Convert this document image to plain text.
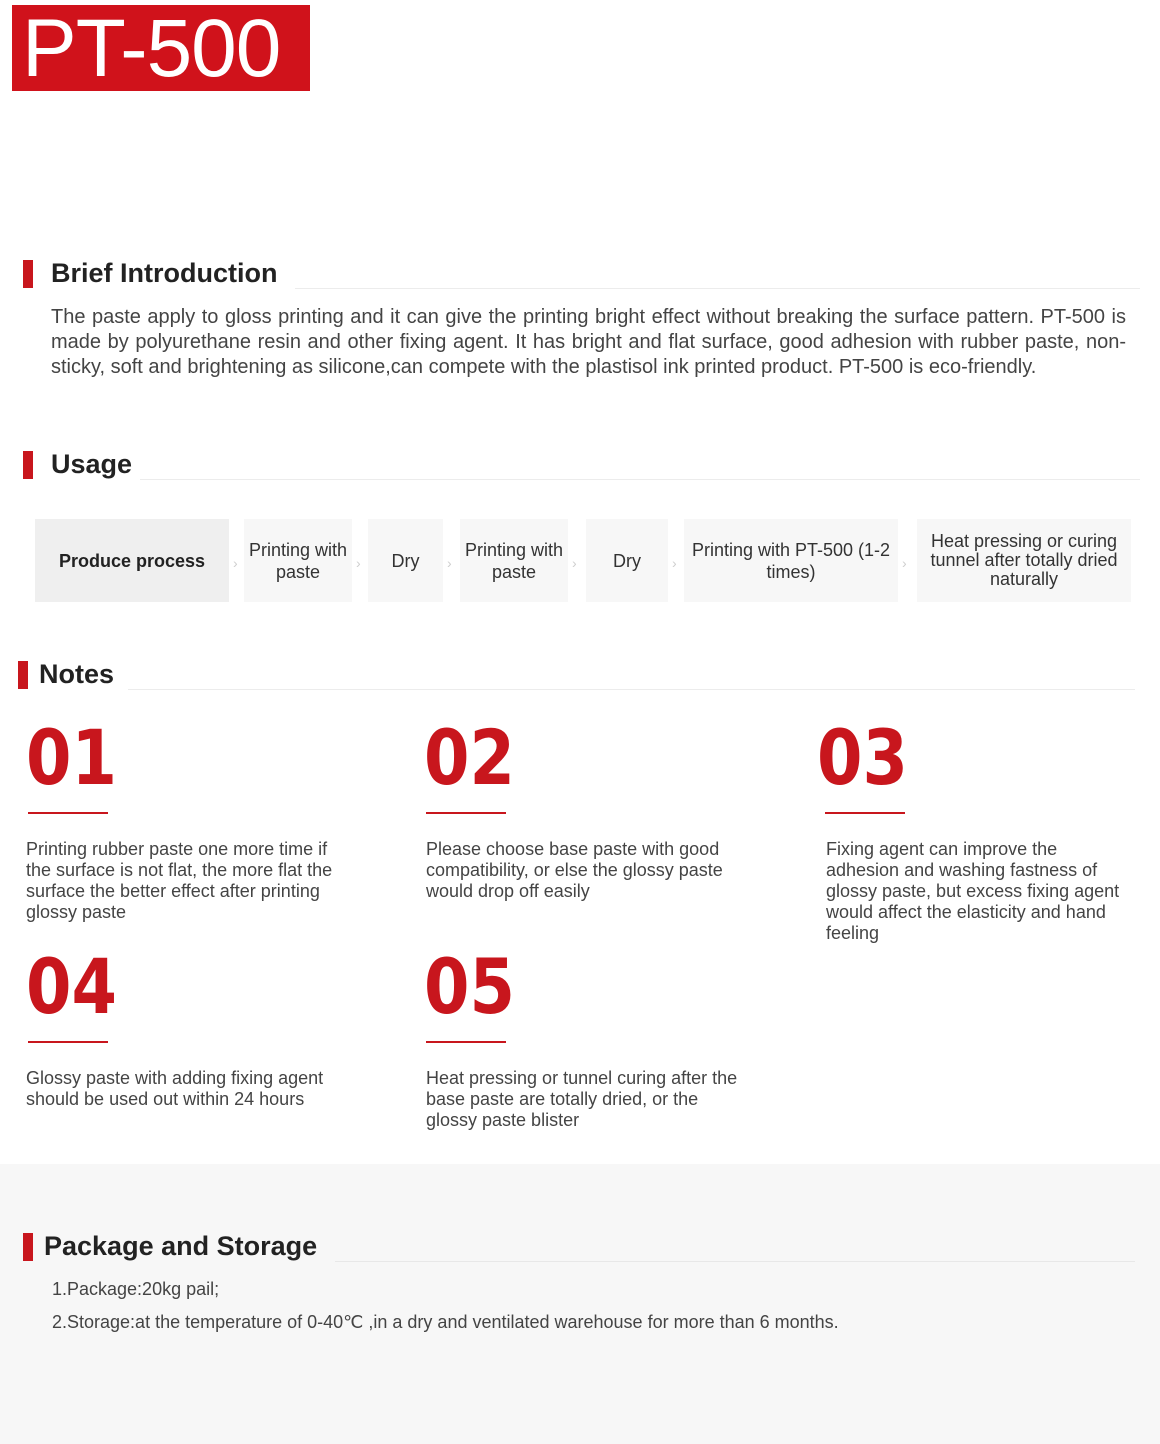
PT-500
Brief Introduction
The paste apply to gloss printing and it can give the printing bright effect without breaking the surface pattern. PT-500 is made by polyurethane resin and other fixing agent. It has bright and flat surface, good adhesion with rubber paste, non-sticky, soft and brightening as silicone,can compete with the plastisol ink printed product. PT-500 is eco-friendly.
Usage
Produce process ›
Printing with paste	› Dry ›
Printing with paste	› Dry ›
Printing with PT-500 (1-2 times)	›
Heat pressing or curing tunnel after totally dried naturally
Notes
01
Printing rubber paste one more time if the surface is not flat, the more flat the surface the better effect after printing glossy paste
02
Please choose base paste with good compatibility, or else the glossy paste would drop off easily
03
Fixing agent can improve the adhesion and washing fastness of glossy paste, but excess fixing agent would affect the elasticity and hand feeling
04
Glossy paste with adding fixing agent should be used out within 24 hours
05
Heat pressing or tunnel curing after the base paste are totally dried, or the glossy paste blister
Package and Storage
1.Package:20kg pail;
2.Storage:at the temperature of 0-40℃ ,in a dry and ventilated warehouse for more than 6 months.
